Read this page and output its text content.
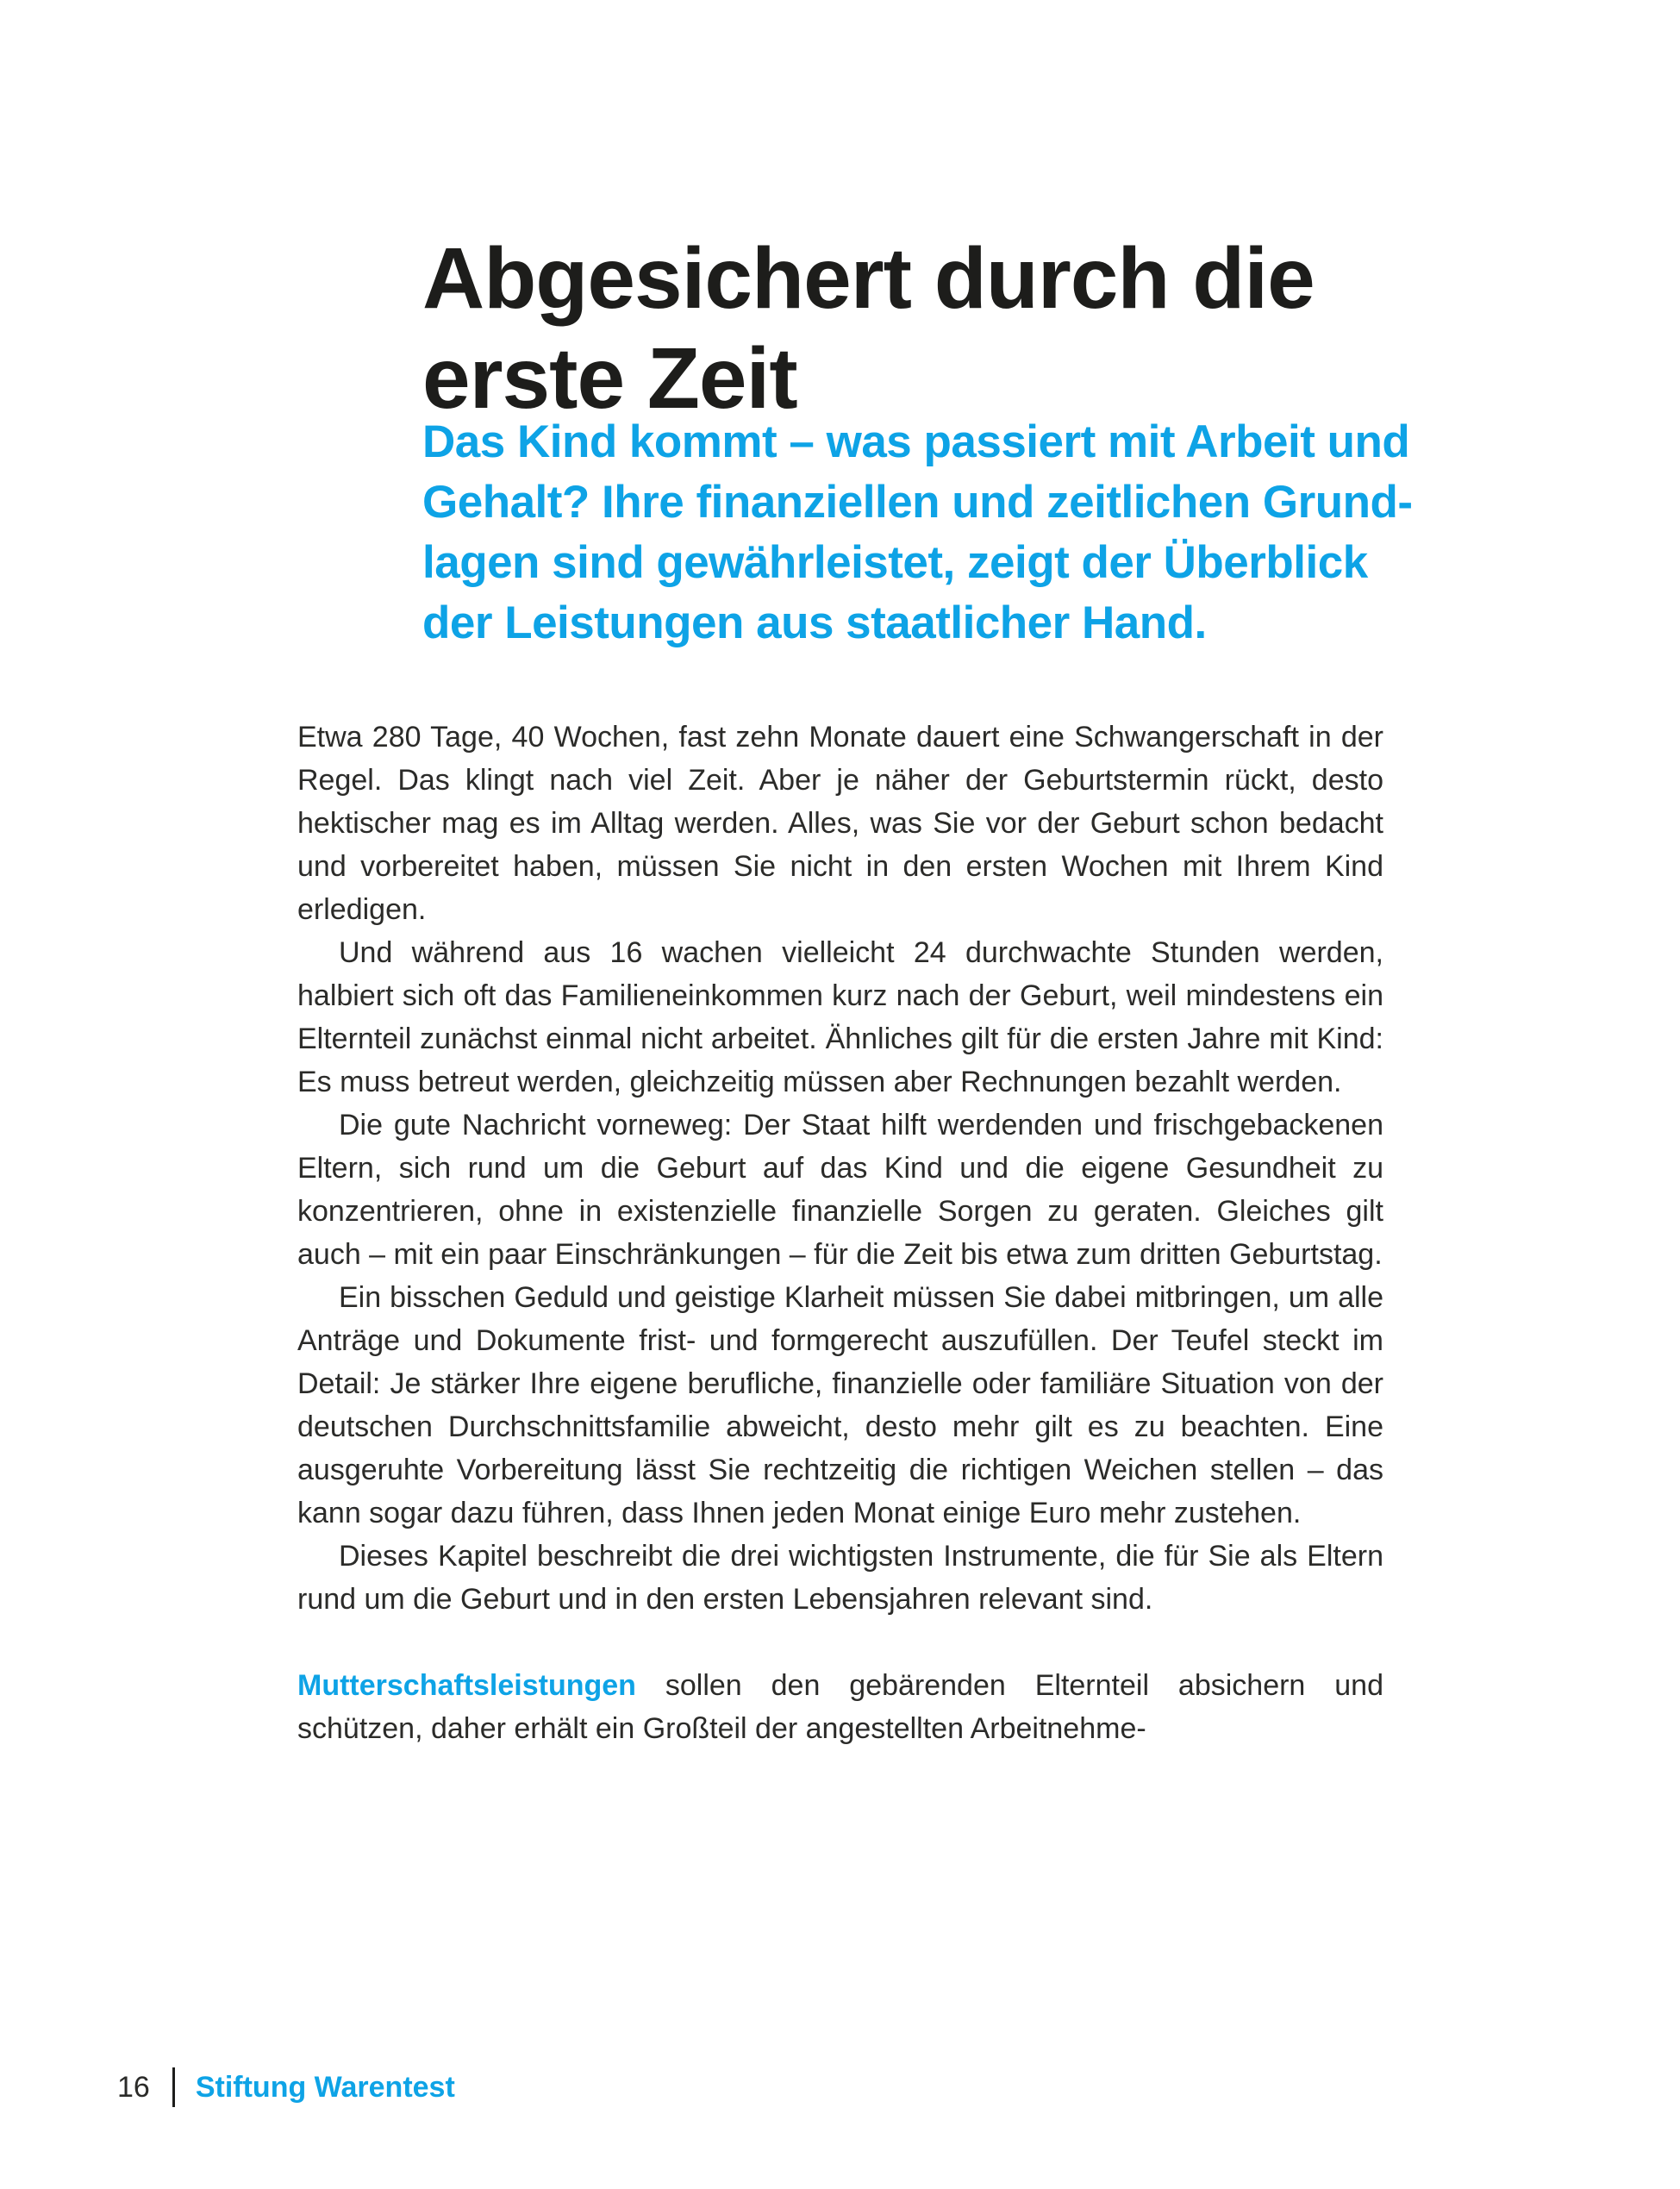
Abgesichert durch die
erste Zeit
Das Kind kommt – was passiert mit Arbeit und
Gehalt? Ihre finanziellen und zeitlichen Grund-
lagen sind gewährleistet, zeigt der Überblick
der Leistungen aus staatlicher Hand.

Etwa 280 Tage, 40 Wochen, fast zehn Monate dauert eine Schwangerschaft in der Regel. Das klingt nach viel Zeit. Aber je näher der Geburtstermin rückt, desto hektischer mag es im Alltag werden. Alles, was Sie vor der Geburt schon bedacht und vorbereitet haben, müssen Sie nicht in den ersten Wochen mit Ihrem Kind erledigen.

Und während aus 16 wachen vielleicht 24 durchwachte Stunden werden, halbiert sich oft das Familieneinkommen kurz nach der Geburt, weil mindestens ein Elternteil zunächst einmal nicht arbeitet. Ähnliches gilt für die ersten Jahre mit Kind: Es muss betreut werden, gleichzeitig müssen aber Rechnungen bezahlt werden.

Die gute Nachricht vorneweg: Der Staat hilft werdenden und frischgebackenen Eltern, sich rund um die Geburt auf das Kind und die eigene Gesundheit zu konzentrieren, ohne in existenzielle finanzielle Sorgen zu geraten. Gleiches gilt auch – mit ein paar Einschränkungen – für die Zeit bis etwa zum dritten Geburtstag.

Ein bisschen Geduld und geistige Klarheit müssen Sie dabei mitbringen, um alle Anträge und Dokumente frist- und formgerecht auszufüllen. Der Teufel steckt im Detail: Je stärker Ihre eigene berufliche, finanzielle oder familiäre Situation von der deutschen Durchschnittsfamilie abweicht, desto mehr gilt es zu beachten. Eine ausgeruhte Vorbereitung lässt Sie rechtzeitig die richtigen Weichen stellen – das kann sogar dazu führen, dass Ihnen jeden Monat einige Euro mehr zustehen.

Dieses Kapitel beschreibt die drei wichtigsten Instrumente, die für Sie als Eltern rund um die Geburt und in den ersten Lebensjahren relevant sind.

Mutterschaftsleistungen sollen den gebärenden Elternteil absichern und schützen, daher erhält ein Großteil der angestellten Arbeitnehme-

16 Stiftung Warentest
